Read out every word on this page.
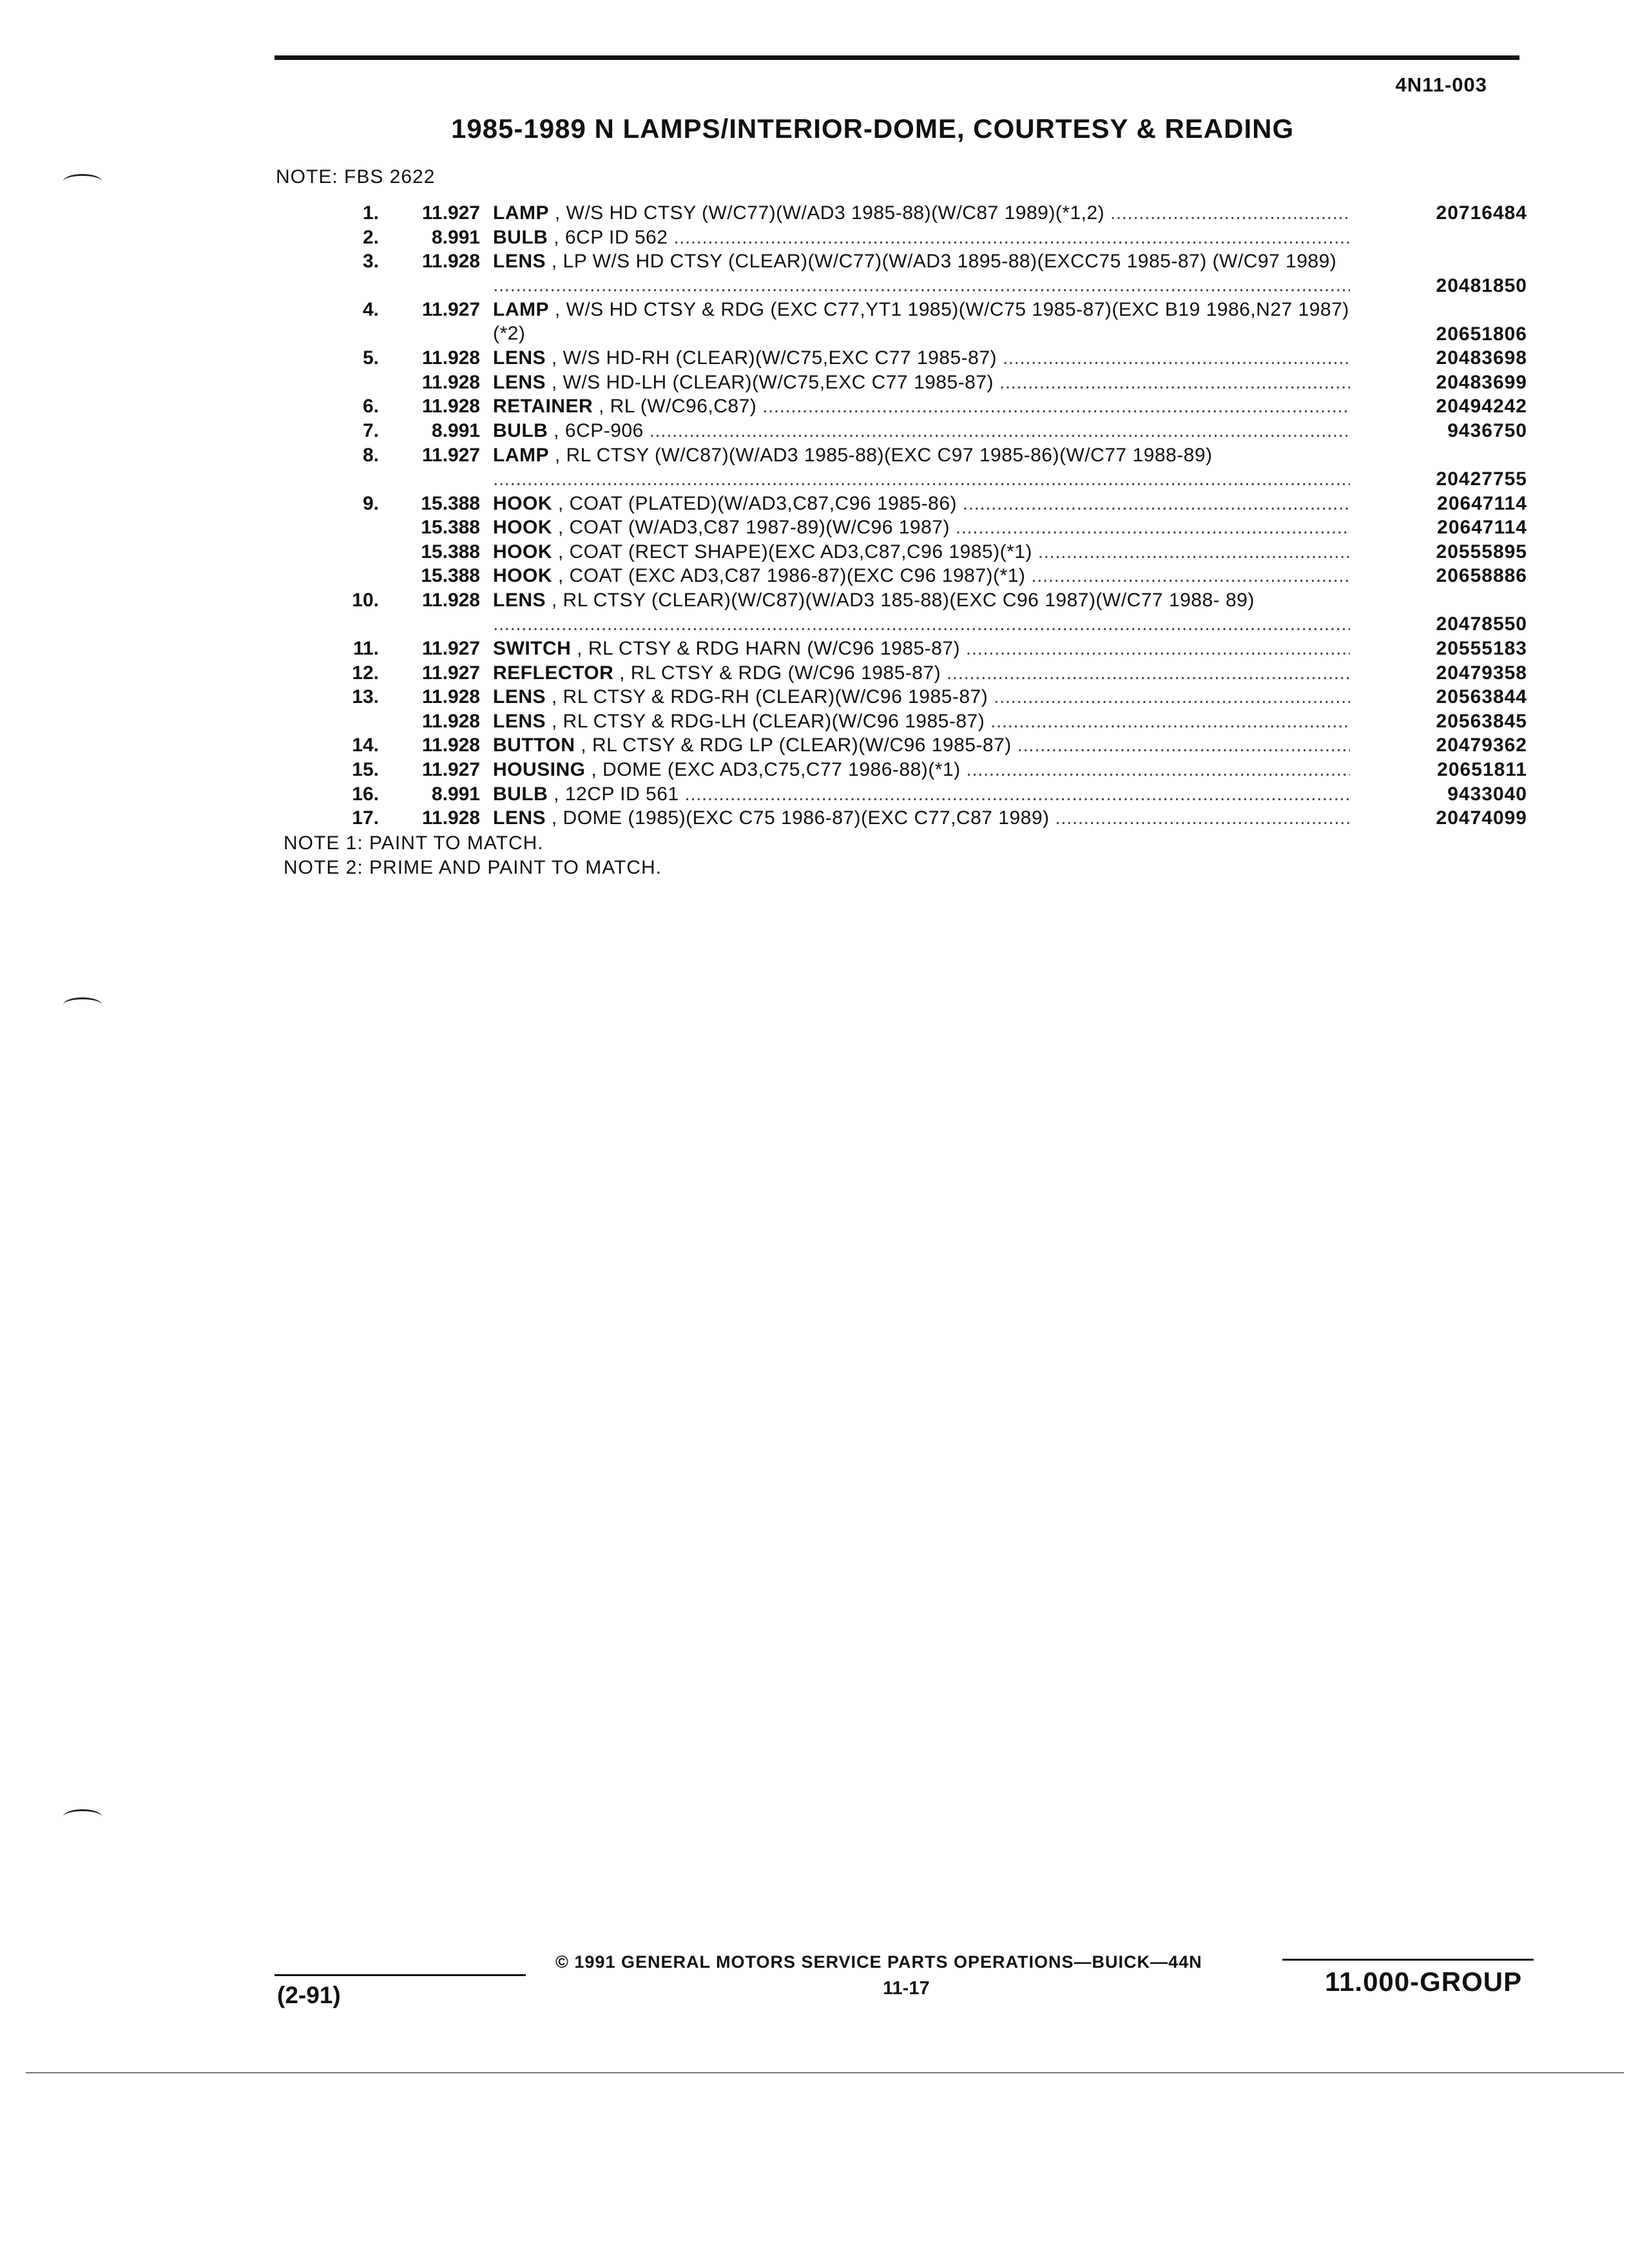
4N11-003
1985-1989 N LAMPS/INTERIOR-DOME, COURTESY & READING
NOTE: FBS 2622
1.	11.927 LAMP , W/S HD CTSY (W/C77)(W/AD3 1985-88)(W/C87 1989)(*1,2) .....	20716484
2.	8.991 BULB , 6CP ID 562 .....
3.	11.928 LENS , LP W/S HD CTSY (CLEAR)(W/C77)(W/AD3 1895-88)(EXCC75 1985-87) (W/C97 1989) .....
20481850
4.	11.927 LAMP , W/S HD CTSY & RDG (EXC C77,YT1 1985)(W/C75 1985-87)(EXC B19 1986,N27 1987)(*2) .....	20651806
5.	11.928 LENS , W/S HD-RH (CLEAR)(W/C75,EXC C77 1985-87) .....	20483698
11.928 LENS , W/S HD-LH (CLEAR)(W/C75,EXC C77 1985-87) .....	20483699
6.	11.928 RETAINER , RL (W/C96,C87) .....	20494242
7.	8.991 BULB , 6CP-906 .....	9436750
8.	11.927 LAMP , RL CTSY (W/C87)(W/AD3 1985-88)(EXC C97 1985-86)(W/C77 1988-89) .....
20427755
9.	15.388 HOOK , COAT (PLATED)(W/AD3,C87,C96 1985-86) .....	20647114
15.388 HOOK , COAT (W/AD3,C87 1987-89)(W/C96 1987) .....	20647114
15.388 HOOK , COAT (RECT SHAPE)(EXC AD3,C87,C96 1985)(*1) .....	20555895
15.388 HOOK , COAT (EXC AD3,C87 1986-87)(EXC C96 1987)(*1) .....	20658886
10.	11.928 LENS , RL CTSY (CLEAR)(W/C87)(W/AD3 185-88)(EXC C96 1987)(W/C77 1988- 89) .....
20478550
11.	11.927 SWITCH , RL CTSY & RDG HARN (W/C96 1985-87) .....	20555183
12.	11.927 REFLECTOR , RL CTSY & RDG (W/C96 1985-87) .....	20479358
13.	11.928 LENS , RL CTSY & RDG-RH (CLEAR)(W/C96 1985-87) .....	20563844
11.928 LENS , RL CTSY & RDG-LH (CLEAR)(W/C96 1985-87) .....	20563845
14.	11.928 BUTTON , RL CTSY & RDG LP (CLEAR)(W/C96 1985-87) .....	20479362
15.	11.927 HOUSING , DOME (EXC AD3,C75,C77 1986-88)(*1) .....	20651811
16.	8.991 BULB , 12CP ID 561 .....	9433040
17.	11.928 LENS , DOME (1985)(EXC C75 1986-87)(EXC C77,C87 1989) .....	20474099
NOTE 1: PAINT TO MATCH.
NOTE 2: PRIME AND PAINT TO MATCH.
© 1991 GENERAL MOTORS SERVICE PARTS OPERATIONS—BUICK—44N
11-17
(2-91)	11.000-GROUP
